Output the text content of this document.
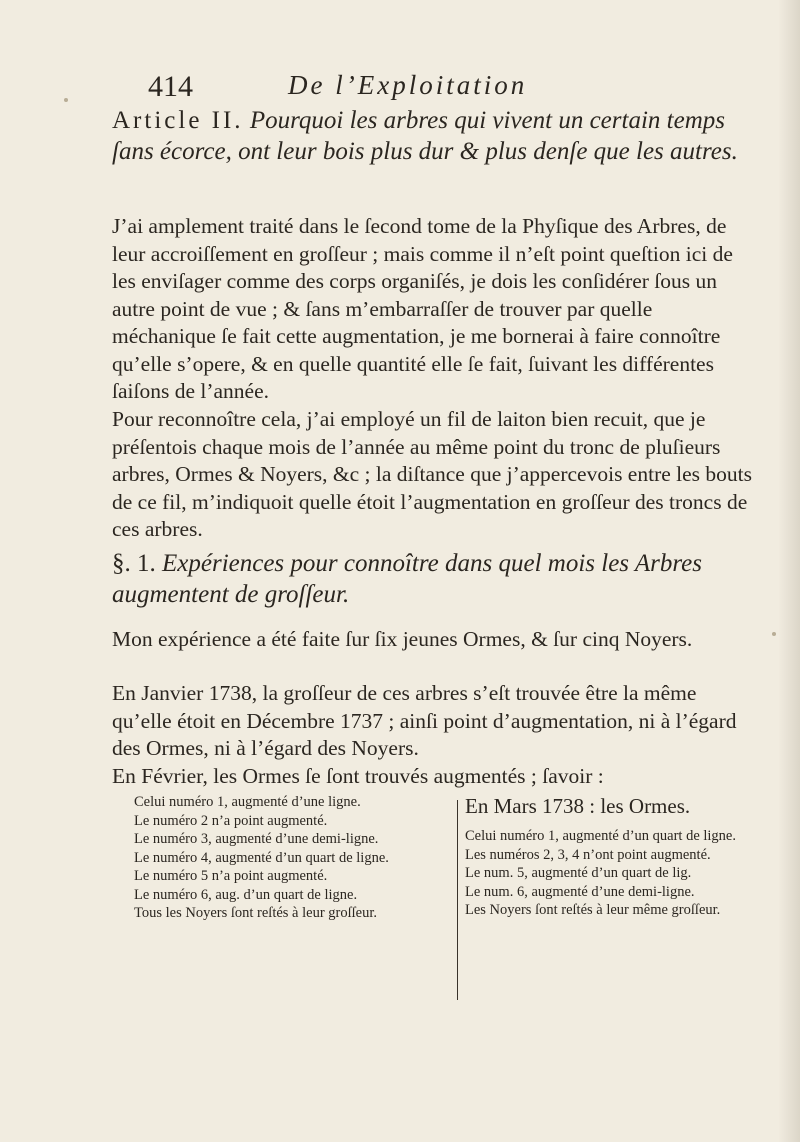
414	De l’Exploitation
Article II. Pourquoi les arbres qui vivent un certain temps ſans écorce, ont leur bois plus dur & plus denſe que les autres.

J’ai amplement traité dans le ſecond tome de la Phyſique des Arbres, de leur accroiſſement en groſſeur ; mais comme il n’eſt point queſtion ici de les enviſager comme des corps organiſés, je dois les conſidérer ſous un autre point de vue ; & ſans m’embarraſſer de trouver par quelle méchanique ſe fait cette augmentation, je me bornerai à faire connoître qu’elle s’opere, & en quelle quantité elle ſe fait, ſuivant les différentes ſaiſons de l’année.

Pour reconnoître cela, j’ai employé un fil de laiton bien recuit, que je préſentois chaque mois de l’année au même point du tronc de pluſieurs arbres, Ormes & Noyers, &c ; la diſtance que j’appercevois entre les bouts de ce fil, m’indiquoit quelle étoit l’augmentation en groſſeur des troncs de ces arbres.

§. 1. Expériences pour connoître dans quel mois les Arbres augmentent de groſſeur.

Mon expérience a été faite ſur ſix jeunes Ormes, & ſur cinq Noyers.

En Janvier 1738, la groſſeur de ces arbres s’eſt trouvée être la même qu’elle étoit en Décembre 1737 ; ainſi point d’augmentation, ni à l’égard des Ormes, ni à l’égard des Noyers.

En Février, les Ormes ſe ſont trouvés augmentés ; ſavoir :

Celui numéro 1, augmenté d’une ligne.

Le numéro 2 n’a point augmenté.

Le numéro 3, augmenté d’une demi-ligne.

Le numéro 4, augmenté d’un quart de ligne.

Le numéro 5 n’a point augmenté.

Le numéro 6, aug. d’un quart de ligne.

Tous les Noyers ſont reſtés à leur groſſeur.

En Mars 1738 : les Ormes.

Celui numéro 1, augmenté d’un quart de ligne.

Les numéros 2, 3, 4 n’ont point augmenté.

Le num. 5, augmenté d’un quart de lig.

Le num. 6, augmenté d’une demi-ligne.

Les Noyers ſont reſtés à leur même groſſeur.
